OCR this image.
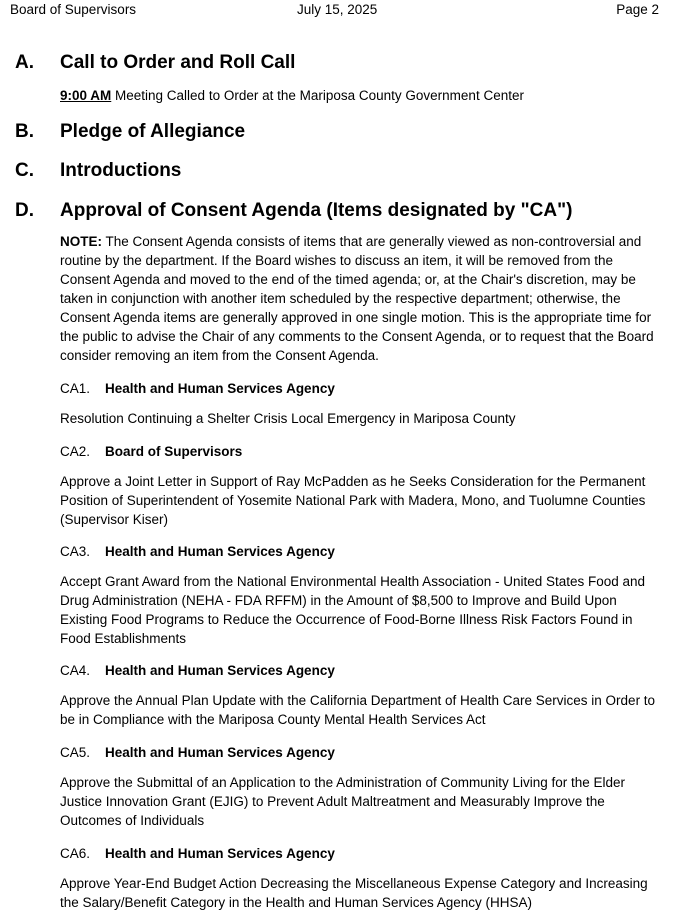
Board of Supervisors	July 15, 2025	Page 2
A. Call to Order and Roll Call
9:00 AM Meeting Called to Order at the Mariposa County Government Center
B. Pledge of Allegiance
C. Introductions
D. Approval of Consent Agenda (Items designated by "CA")
NOTE: The Consent Agenda consists of items that are generally viewed as non-controversial and routine by the department. If the Board wishes to discuss an item, it will be removed from the Consent Agenda and moved to the end of the timed agenda; or, at the Chair's discretion, may be taken in conjunction with another item scheduled by the respective department; otherwise, the Consent Agenda items are generally approved in one single motion. This is the appropriate time for the public to advise the Chair of any comments to the Consent Agenda, or to request that the Board consider removing an item from the Consent Agenda.
CA1. Health and Human Services Agency
Resolution Continuing a Shelter Crisis Local Emergency in Mariposa County
CA2. Board of Supervisors
Approve a Joint Letter in Support of Ray McPadden as he Seeks Consideration for the Permanent Position of Superintendent of Yosemite National Park with Madera, Mono, and Tuolumne Counties (Supervisor Kiser)
CA3. Health and Human Services Agency
Accept Grant Award from the National Environmental Health Association - United States Food and Drug Administration (NEHA - FDA RFFM) in the Amount of $8,500 to Improve and Build Upon Existing Food Programs to Reduce the Occurrence of Food-Borne Illness Risk Factors Found in Food Establishments
CA4. Health and Human Services Agency
Approve the Annual Plan Update with the California Department of Health Care Services in Order to be in Compliance with the Mariposa County Mental Health Services Act
CA5. Health and Human Services Agency
Approve the Submittal of an Application to the Administration of Community Living for the Elder Justice Innovation Grant (EJIG) to Prevent Adult Maltreatment and Measurably Improve the Outcomes of Individuals
CA6. Health and Human Services Agency
Approve Year-End Budget Action Decreasing the Miscellaneous Expense Category and Increasing the Salary/Benefit Category in the Health and Human Services Agency (HHSA)
